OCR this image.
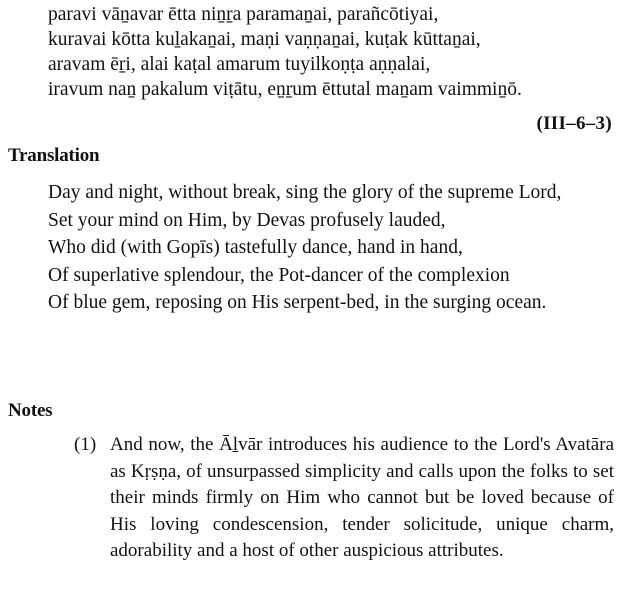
paravi vāṉavar ētta niṉṟa paramaṉai, parañcōtiyai,
kuravai kōtta kuḻakaṉai, maṇi vaṇṇaṉai, kuṭak kūttaṉai,
aravam ēṟi, alai kaṭal amarum tuyilkoṇṭa aṇṇalai,
iravum naṉ pakalum viṭātu, eṉṟum ēttutal maṉam vaimmiṉō.
(III–6–3)
Translation
Day and night, without break, sing the glory of the supreme Lord,
Set your mind on Him, by Devas profusely lauded,
Who did (with Gopīs) tastefully dance, hand in hand,
Of superlative splendour, the Pot-dancer of the complexion
Of blue gem, reposing on His serpent-bed, in the surging ocean.
Notes
(1) And now, the Āḻvār introduces his audience to the Lord's Avatāra as Kṛṣṇa, of unsurpassed simplicity and calls upon the folks to set their minds firmly on Him who cannot but be loved because of His loving condescension, tender solicitude, unique charm, adorability and a host of other auspicious attributes.
